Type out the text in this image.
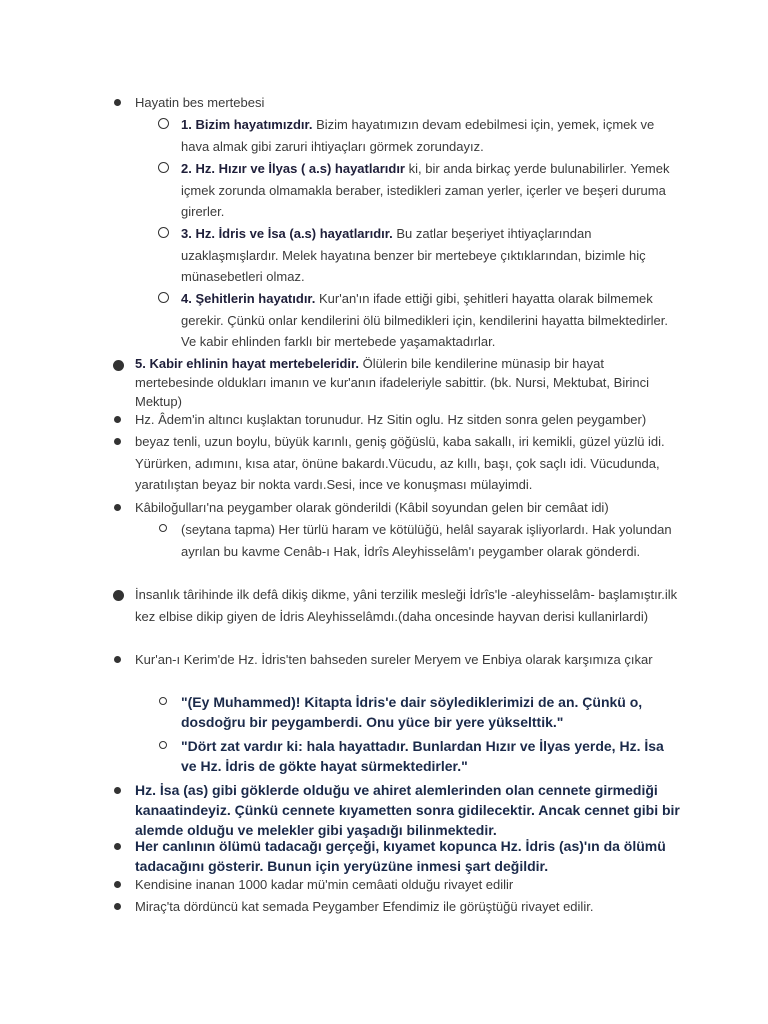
Hayatin bes mertebesi
1. Bizim hayatımızdır. Bizim hayatımızın devam edebilmesi için, yemek, içmek ve hava almak gibi zaruri ihtiyaçları görmek zorundayız.
2. Hz. Hızır ve İlyas ( a.s) hayatlarıdır ki, bir anda birkaç yerde bulunabilirler. Yemek içmek zorunda olmamakla beraber, istedikleri zaman yerler, içerler ve beşeri duruma girerler.
3. Hz. İdris ve İsa (a.s) hayatlarıdır. Bu zatlar beşeriyet ihtiyaçlarından uzaklaşmışlardır. Melek hayatına benzer bir mertebeye çıktıklarından, bizimle hiç münasebetleri olmaz.
4. Şehitlerin hayatıdır. Kur'an'ın ifade ettiği gibi, şehitleri hayatta olarak bilmemek gerekir. Çünkü onlar kendilerini ölü bilmedikleri için, kendilerini hayatta bilmektedirler. Ve kabir ehlinden farklı bir mertebede yaşamaktadırlar.
5. Kabir ehlinin hayat mertebeleridir. Ölülerin bile kendilerine münasip bir hayat mertebesinde oldukları imanın ve kur'anın ifadeleriyle sabittir. (bk. Nursi, Mektubat, Birinci Mektup)
Hz. Âdem'in altıncı kuşlaktan torunudur. Hz Sitin oglu. Hz sitden sonra gelen peygamber)
beyaz tenli, uzun boylu, büyük karınlı, geniş göğüslü, kaba sakallı, iri kemikli, güzel yüzlü idi. Yürürken, adımını, kısa atar, önüne bakardı.Vücudu, az kıllı, başı, çok saçlı idi. Vücudunda, yaratılıştan beyaz bir nokta vardı.Sesi, ince ve konuşması mülayimdi.
Kâbiloğulları'na peygamber olarak gönderildi (Kâbil soyundan gelen bir cemâat idi)
(seytana tapma) Her türlü haram ve kötülüğü, helâl sayarak işliyorlardı. Hak yolundan ayrılan bu kavme Cenâb-ı Hak, İdrîs Aleyhisselâm'ı peygamber olarak gönderdi.
İnsanlık târihinde ilk defâ dikiş dikme, yâni terzilik mesleği İdrîs'le -aleyhisselâm- başlamıştır.ilk kez elbise dikip giyen de İdris Aleyhisselâmdı.(daha oncesinde hayvan derisi kullanirlardi)
Kur'an-ı Kerim'de Hz. İdris'ten bahseden sureler Meryem ve Enbiya olarak karşımıza çıkar
"(Ey Muhammed)! Kitapta İdris'e dair söylediklerimizi de an. Çünkü o, dosdoğru bir peygamberdi. Onu yüce bir yere yükselttik."
"Dört zat vardır ki: hala hayattadır. Bunlardan Hızır ve İlyas yerde, Hz. İsa ve Hz. İdris de gökte hayat sürmektedirler."
Hz. İsa (as) gibi göklerde olduğu ve ahiret alemlerinden olan cennete girmediği kanaatindeyiz. Çünkü cennete kıyametten sonra gidilecektir. Ancak cennet gibi bir alemde olduğu ve melekler gibi yaşadığı bilinmektedir.
Her canlının ölümü tadacağı gerçeği, kıyamet kopunca Hz. İdris (as)'ın da ölümü tadacağını gösterir. Bunun için yeryüzüne inmesi şart değildir.
Kendisine inanan 1000 kadar mü'min cemâati olduğu rivayet edilir
Miraç'ta dördüncü kat semada Peygamber Efendimiz ile görüştüğü rivayet edilir.
